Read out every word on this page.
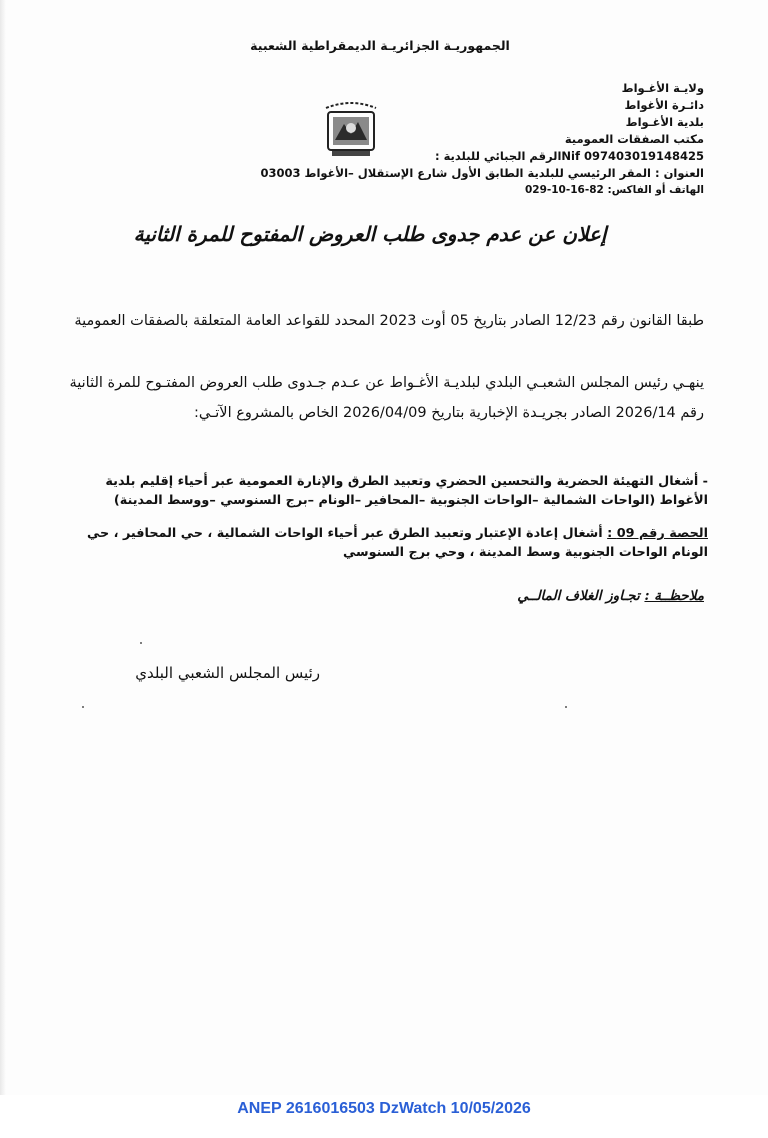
الجمهوريـة الجزائريـة الديمقراطية الشعبية
ولايـة الأغـواط
دائـرة الأغواط
بلدية الأغـواط
مكتب الصفقات العمومية
Nif 097403019148425الرقم الجبائي للبلدية :
العنوان : المقر الرئيسي للبلدية الطابق الأول شارع الإستقلال –الأغواط 03003
الهاتف أو الفاكس: 82-16-10-029
إعلان عن عدم جدوى طلب العروض المفتوح للمرة الثانية
طبقا القانون رقم 12/23 الصادر بتاريخ 05 أوت 2023 المحدد للقواعد العامة المتعلقة بالصفقات العمومية
ينهـي رئيس المجلس الشعبـي البلدي لبلديـة الأغـواط عن عـدم جـدوى طلب العروض المفتـوح للمرة الثانية رقم 2026/14 الصادر بجريـدة الإخبارية بتاريخ 2026/04/09 الخاص بالمشروع الآتـي:
- أشغال التهيئة الحضرية والتحسين الحضري وتعبيد الطرق والإنارة العمومية عبر أحياء إقليم بلدية الأغواط (الواحات الشمالية –الواحات الجنوبية –المحافير –الونام –برج السنوسي –ووسط المدينة)
الحصة رقم 09 : أشغال إعادة الإعتبار وتعبيد الطرق عبر أحياء الواحات الشمالية ، حي المحافير ، حي الونام الواحات الجنوبية وسط المدينة ، وحي برج السنوسي
ملاحظــة : تجـاوز الغلاف المالــي
رئيس المجلس الشعبي البلدي
ANEP 2616016503 DzWatch 10/05/2026
